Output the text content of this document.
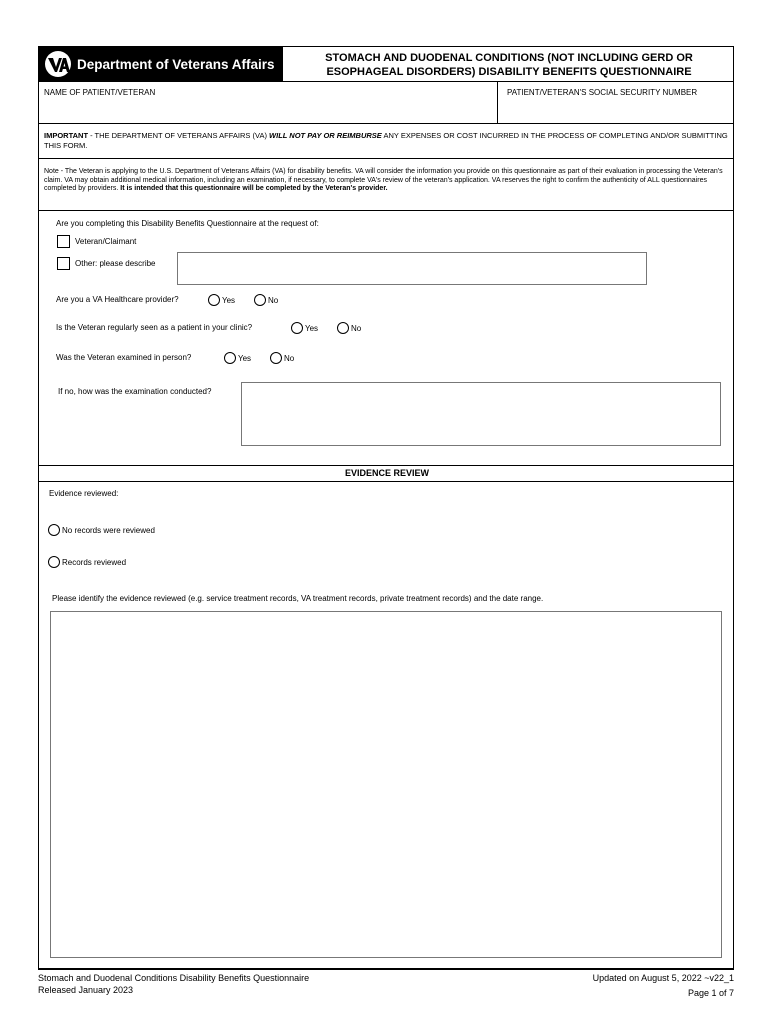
Department of Veterans Affairs	STOMACH AND DUODENAL CONDITIONS (NOT INCLUDING GERD OR
ESOPHAGEAL DISORDERS) DISABILITY BENEFITS QUESTIONNAIRE
NAME OF PATIENT/VETERAN	PATIENT/VETERAN'S SOCIAL SECURITY NUMBER
IMPORTANT - THE DEPARTMENT OF VETERANS AFFAIRS (VA) WILL NOT PAY OR REIMBURSE ANY EXPENSES OR COST INCURRED IN THE PROCESS OF COMPLETING AND/OR SUBMITTING THIS FORM.
Note - The Veteran is applying to the U.S. Department of Veterans Affairs (VA) for disability benefits. VA will consider the information you provide on this questionnaire as part of their evaluation in processing the Veteran's claim. VA may obtain additional medical information, including an examination, if necessary, to complete VA's review of the veteran's application. VA reserves the right to confirm the authenticity of ALL questionnaires completed by providers. It is intended that this questionnaire will be completed by the Veteran's provider.
Are you completing this Disability Benefits Questionnaire at the request of:
Veteran/Claimant
Other: please describe
Are you a VA Healthcare provider?	Yes	No
Is the Veteran regularly seen as a patient in your clinic?	Yes	No
Was the Veteran examined in person?	Yes	No
If no, how was the examination conducted?
EVIDENCE REVIEW
Evidence reviewed:
No records were reviewed
Records reviewed
Please identify the evidence reviewed (e.g. service treatment records, VA treatment records, private treatment records) and the date range.
Stomach and Duodenal Conditions Disability Benefits Questionnaire
Released January 2023
Updated on August 5, 2022 ~v22_1
Page 1 of 7
